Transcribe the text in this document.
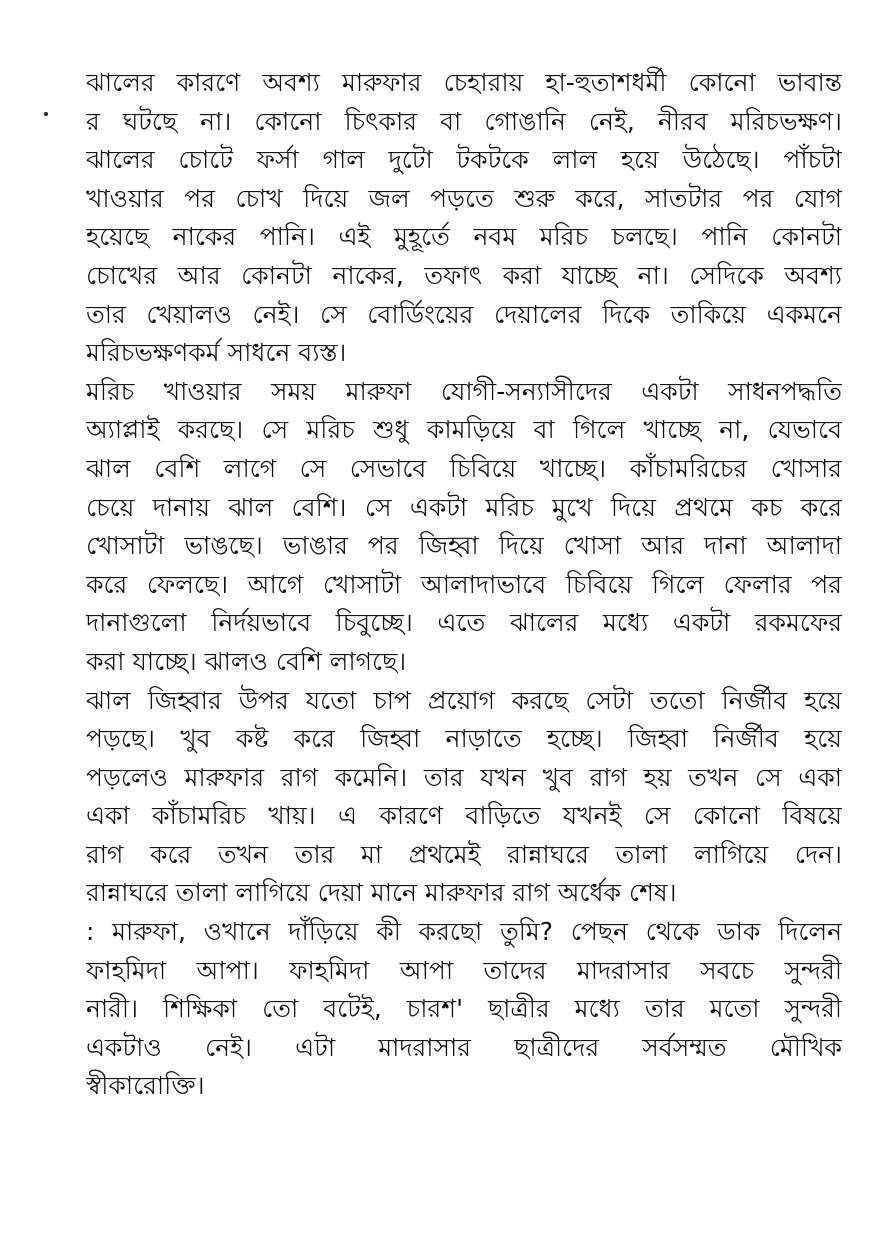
ঝালের কারণে অবশ্য মারুফার চেহারায় হা-হুতাশধর্মী কোনো ভাবান্ত
র ঘটছে না। কোনো চিৎকার বা গোঙানি নেই, নীরব মরিচভক্ষণ।
ঝালের চোটে ফর্সা গাল দুটো টকটকে লাল হয়ে উঠেছে। পাঁচটা
খাওয়ার পর চোখ দিয়ে জল পড়তে শুরু করে, সাতটার পর যোগ
হয়েছে নাকের পানি। এই মুহূর্তে নবম মরিচ চলছে। পানি কোনটা
চোখের আর কোনটা নাকের, তফাৎ করা যাচ্ছে না। সেদিকে অবশ্য
তার খেয়ালও নেই। সে বোর্ডিংয়ের দেয়ালের দিকে তাকিয়ে একমনে
মরিচভক্ষণকর্ম সাধনে ব্যস্ত।
মরিচ খাওয়ার সময় মারুফা যোগী-সন্যাসীদের একটা সাধনপদ্ধতি
অ্যাপ্লাই করছে। সে মরিচ শুধু কামড়িয়ে বা গিলে খাচ্ছে না, যেভাবে
ঝাল বেশি লাগে সে সেভাবে চিবিয়ে খাচ্ছে। কাঁচামরিচের খোসার
চেয়ে দানায় ঝাল বেশি। সে একটা মরিচ মুখে দিয়ে প্রথমে কচ করে
খোসাটা ভাঙছে। ভাঙার পর জিহ্বা দিয়ে খোসা আর দানা আলাদা
করে ফেলছে। আগে খোসাটা আলাদাভাবে চিবিয়ে গিলে ফেলার পর
দানাগুলো নির্দয়ভাবে চিবুচ্ছে। এতে ঝালের মধ্যে একটা রকমফের
করা যাচ্ছে। ঝালও বেশি লাগছে।
ঝাল জিহ্বার উপর যতো চাপ প্রয়োগ করছে সেটা ততো নির্জীব হয়ে
পড়ছে। খুব কষ্ট করে জিহ্বা নাড়াতে হচ্ছে। জিহ্বা নির্জীব হয়ে
পড়লেও মারুফার রাগ কমেনি। তার যখন খুব রাগ হয় তখন সে একা
একা কাঁচামরিচ খায়। এ কারণে বাড়িতে যখনই সে কোনো বিষয়ে
রাগ করে তখন তার মা প্রথমেই রান্নাঘরে তালা লাগিয়ে দেন।
রান্নাঘরে তালা লাগিয়ে দেয়া মানে মারুফার রাগ অর্ধেক শেষ।
: মারুফা, ওখানে দাঁড়িয়ে কী করছো তুমি? পেছন থেকে ডাক দিলেন
ফাহমিদা আপা। ফাহমিদা আপা তাদের মাদরাসার সবচে সুন্দরী
নারী। শিক্ষিকা তো বটেই, চারশ' ছাত্রীর মধ্যে তার মতো সুন্দরী
একটাও নেই। এটা মাদরাসার ছাত্রীদের সর্বসম্মত মৌখিক
স্বীকারোক্তি।
